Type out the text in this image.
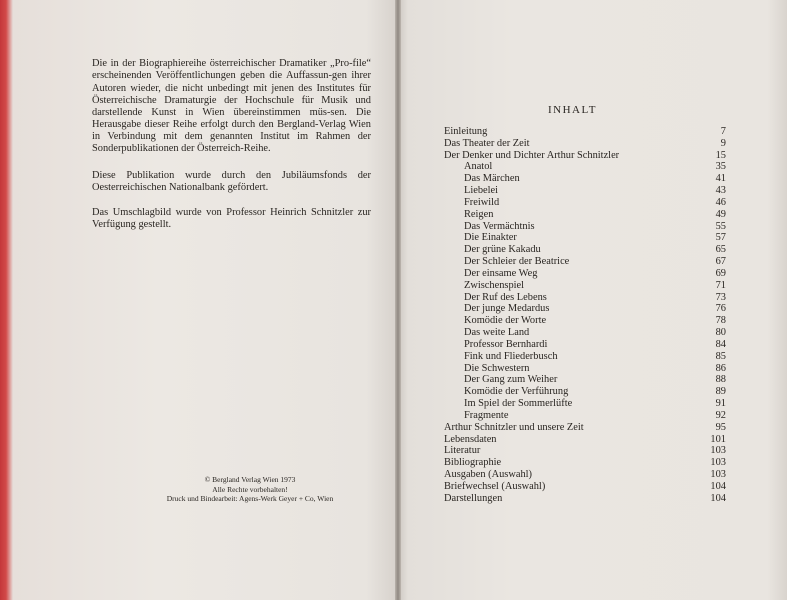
Die in der Biographiereihe österreichischer Dramatiker „Pro-file“ erscheinenden Veröffentlichungen geben die Auffassun-gen ihrer Autoren wieder, die nicht unbedingt mit jenen des Institutes für Österreichische Dramaturgie der Hochschule für Musik und darstellende Kunst in Wien übereinstimmen müs-sen. Die Herausgabe dieser Reihe erfolgt durch den Bergland-Verlag Wien in Verbindung mit dem genannten Institut im Rahmen der Sonderpublikationen der Österreich-Reihe.

Diese Publikation wurde durch den Jubiläumsfonds der Oesterreichischen Nationalbank gefördert.

Das Umschlagbild wurde von Professor Heinrich Schnitzler zur Verfügung gestellt.

© Bergland Verlag Wien 1973
Alle Rechte vorbehalten!
Druck und Bindearbeit: Agens-Werk Geyer + Co, Wien
INHALT
Einleitung	7
Das Theater der Zeit	9
Der Denker und Dichter Arthur Schnitzler	15
Anatol	35
Das Märchen	41
Liebelei	43
Freiwild	46
Reigen	49
Das Vermächtnis	55
Die Einakter	57
Der grüne Kakadu	65
Der Schleier der Beatrice	67
Der einsame Weg	69
Zwischenspiel	71
Der Ruf des Lebens	73
Der junge Medardus	76
Komödie der Worte	78
Das weite Land	80
Professor Bernhardi	84
Fink und Fliederbusch	85
Die Schwestern	86
Der Gang zum Weiher	88
Komödie der Verführung	89
Im Spiel der Sommerlüfte	91
Fragmente	92
Arthur Schnitzler und unsere Zeit	95
Lebensdaten	101
Literatur	103
Bibliographie	103
Ausgaben (Auswahl)	103
Briefwechsel (Auswahl)	104
Darstellungen	104
